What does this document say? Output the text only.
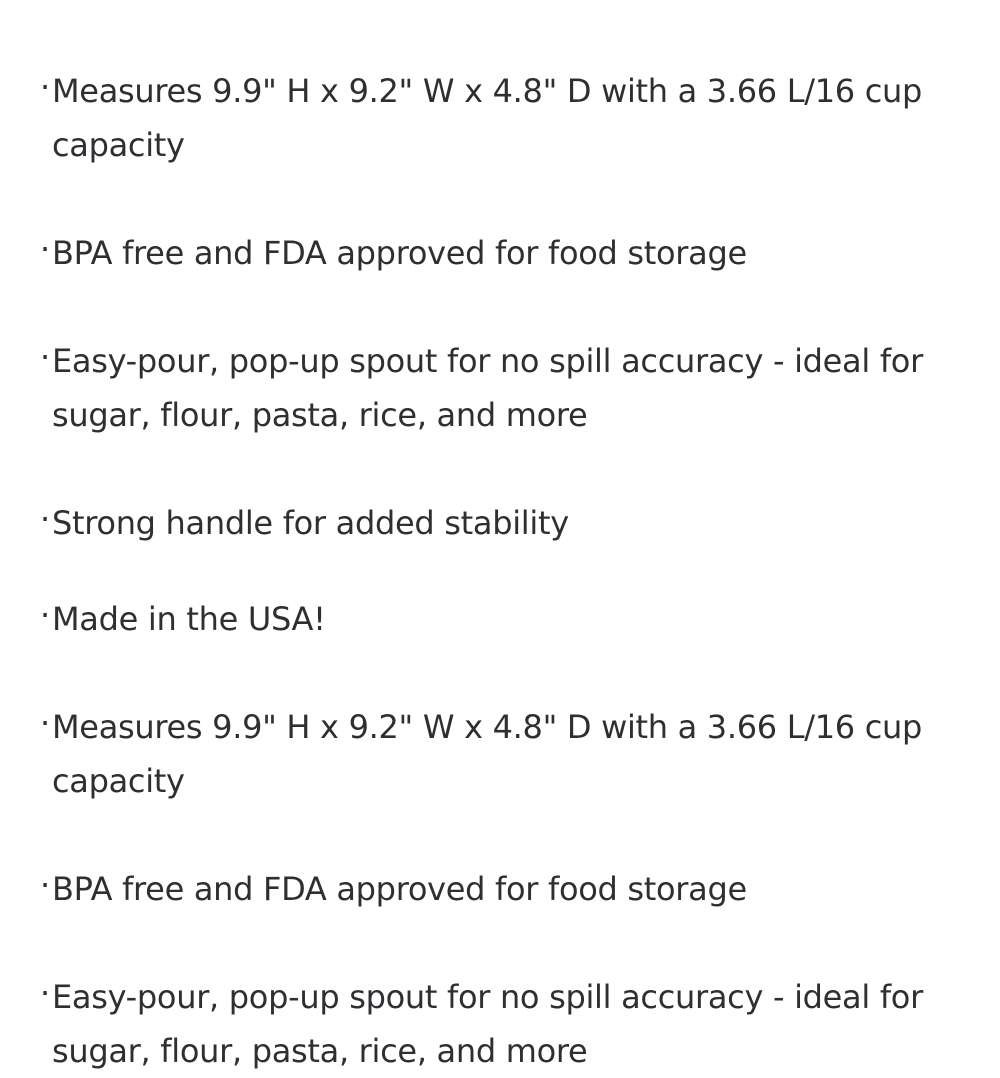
·Measures 9.9" H x 9.2" W x 4.8" D with a 3.66 L/16 cup capacity
·BPA free and FDA approved for food storage
·Easy-pour, pop-up spout for no spill accuracy - ideal for sugar, flour, pasta, rice, and more
·Strong handle for added stability
·Made in the USA!
·Measures 9.9" H x 9.2" W x 4.8" D with a 3.66 L/16 cup capacity
·BPA free and FDA approved for food storage
·Easy-pour, pop-up spout for no spill accuracy - ideal for sugar, flour, pasta, rice, and more
